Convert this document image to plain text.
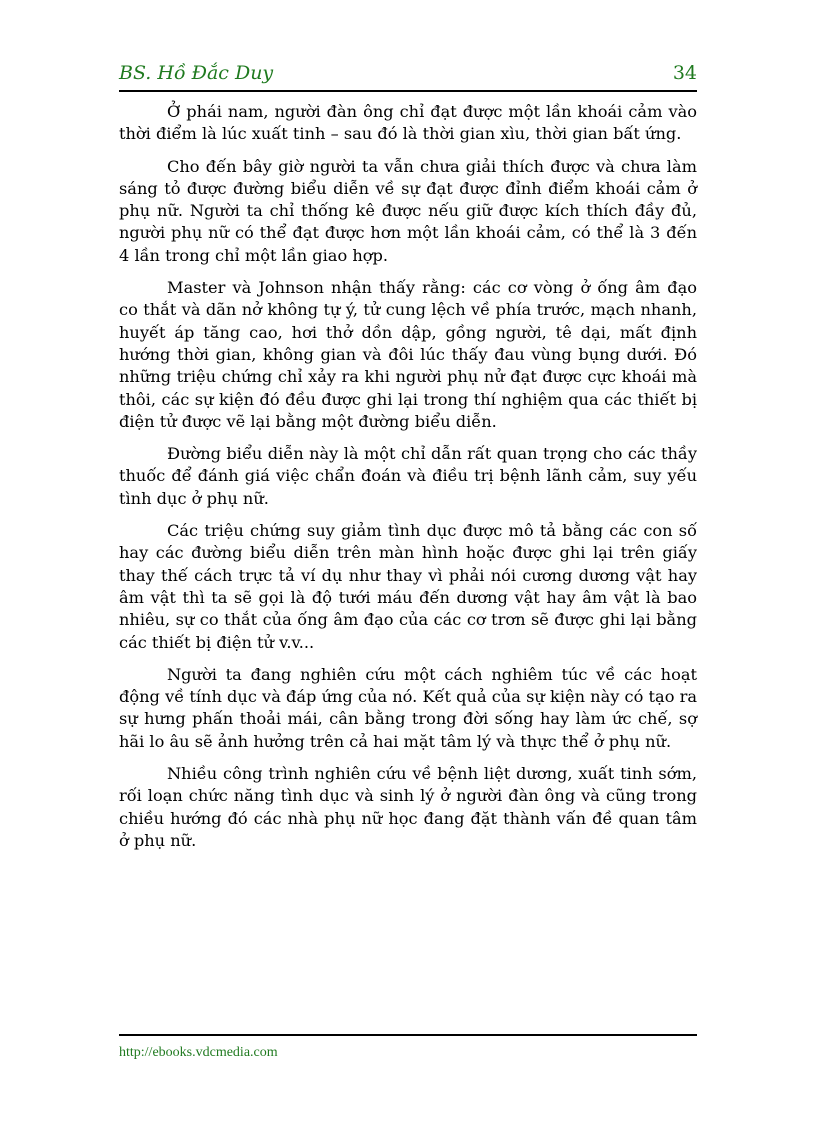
BS. Hồ Đắc Duy	34

Ở phái nam, người đàn ông chỉ đạt được một lần khoái cảm vào thời điểm là lúc xuất tinh – sau đó là thời gian xìu, thời gian bất ứng.

Cho đến bây giờ người ta vẫn chưa giải thích được và chưa làm sáng tỏ được đường biểu diễn về sự đạt được đỉnh điểm khoái cảm ở phụ nữ. Người ta chỉ thống kê được nếu giữ được kích thích đầy đủ, người phụ nữ có thể đạt được hơn một lần khoái cảm, có thể là 3 đến 4 lần trong chỉ một lần giao hợp.

Master và Johnson nhận thấy rằng: các cơ vòng ở ống âm đạo co thắt và dãn nở không tự ý, tử cung lệch về phía trước, mạch nhanh, huyết áp tăng cao, hơi thở dồn dập, gồng người, tê dại, mất định hướng thời gian, không gian và đôi lúc thấy đau vùng bụng dưới. Đó những triệu chứng chỉ xảy ra khi người phụ nử đạt được cực khoái mà thôi, các sự kiện đó đều được ghi lại trong thí nghiệm qua các thiết bị điện tử được vẽ lại bằng một đường biểu diễn.

Đường biểu diễn này là một chỉ dẫn rất quan trọng cho các thầy thuốc để đánh giá việc chẩn đoán và điều trị bệnh lãnh cảm, suy yếu tình dục ở phụ nữ.

Các triệu chứng suy giảm tình dục được mô tả bằng các con số hay các đường biểu diễn trên màn hình hoặc được ghi lại trên giấy thay thế cách trực tả ví dụ như thay vì phải nói cương dương vật hay âm vật thì ta sẽ gọi là độ tưới máu đến dương vật hay âm vật là bao nhiêu, sự co thắt của ống âm đạo của các cơ trơn sẽ được ghi lại bằng các thiết bị điện tử v.v...

Người ta đang nghiên cứu một cách nghiêm túc về các hoạt động về tính dục và đáp ứng của nó. Kết quả của sự kiện này có tạo ra sự hưng phấn thoải mái, cân bằng trong đời sống hay làm ức chế, sợ hãi lo âu sẽ ảnh hưởng trên cả hai mặt tâm lý và thực thể ở phụ nữ.

Nhiều công trình nghiên cứu về bệnh liệt dương, xuất tinh sớm, rối loạn chức năng tình dục và sinh lý ở người đàn ông và cũng trong chiều hướng đó các nhà phụ nữ học đang đặt thành vấn đề quan tâm ở phụ nữ.

http://ebooks.vdcmedia.com
